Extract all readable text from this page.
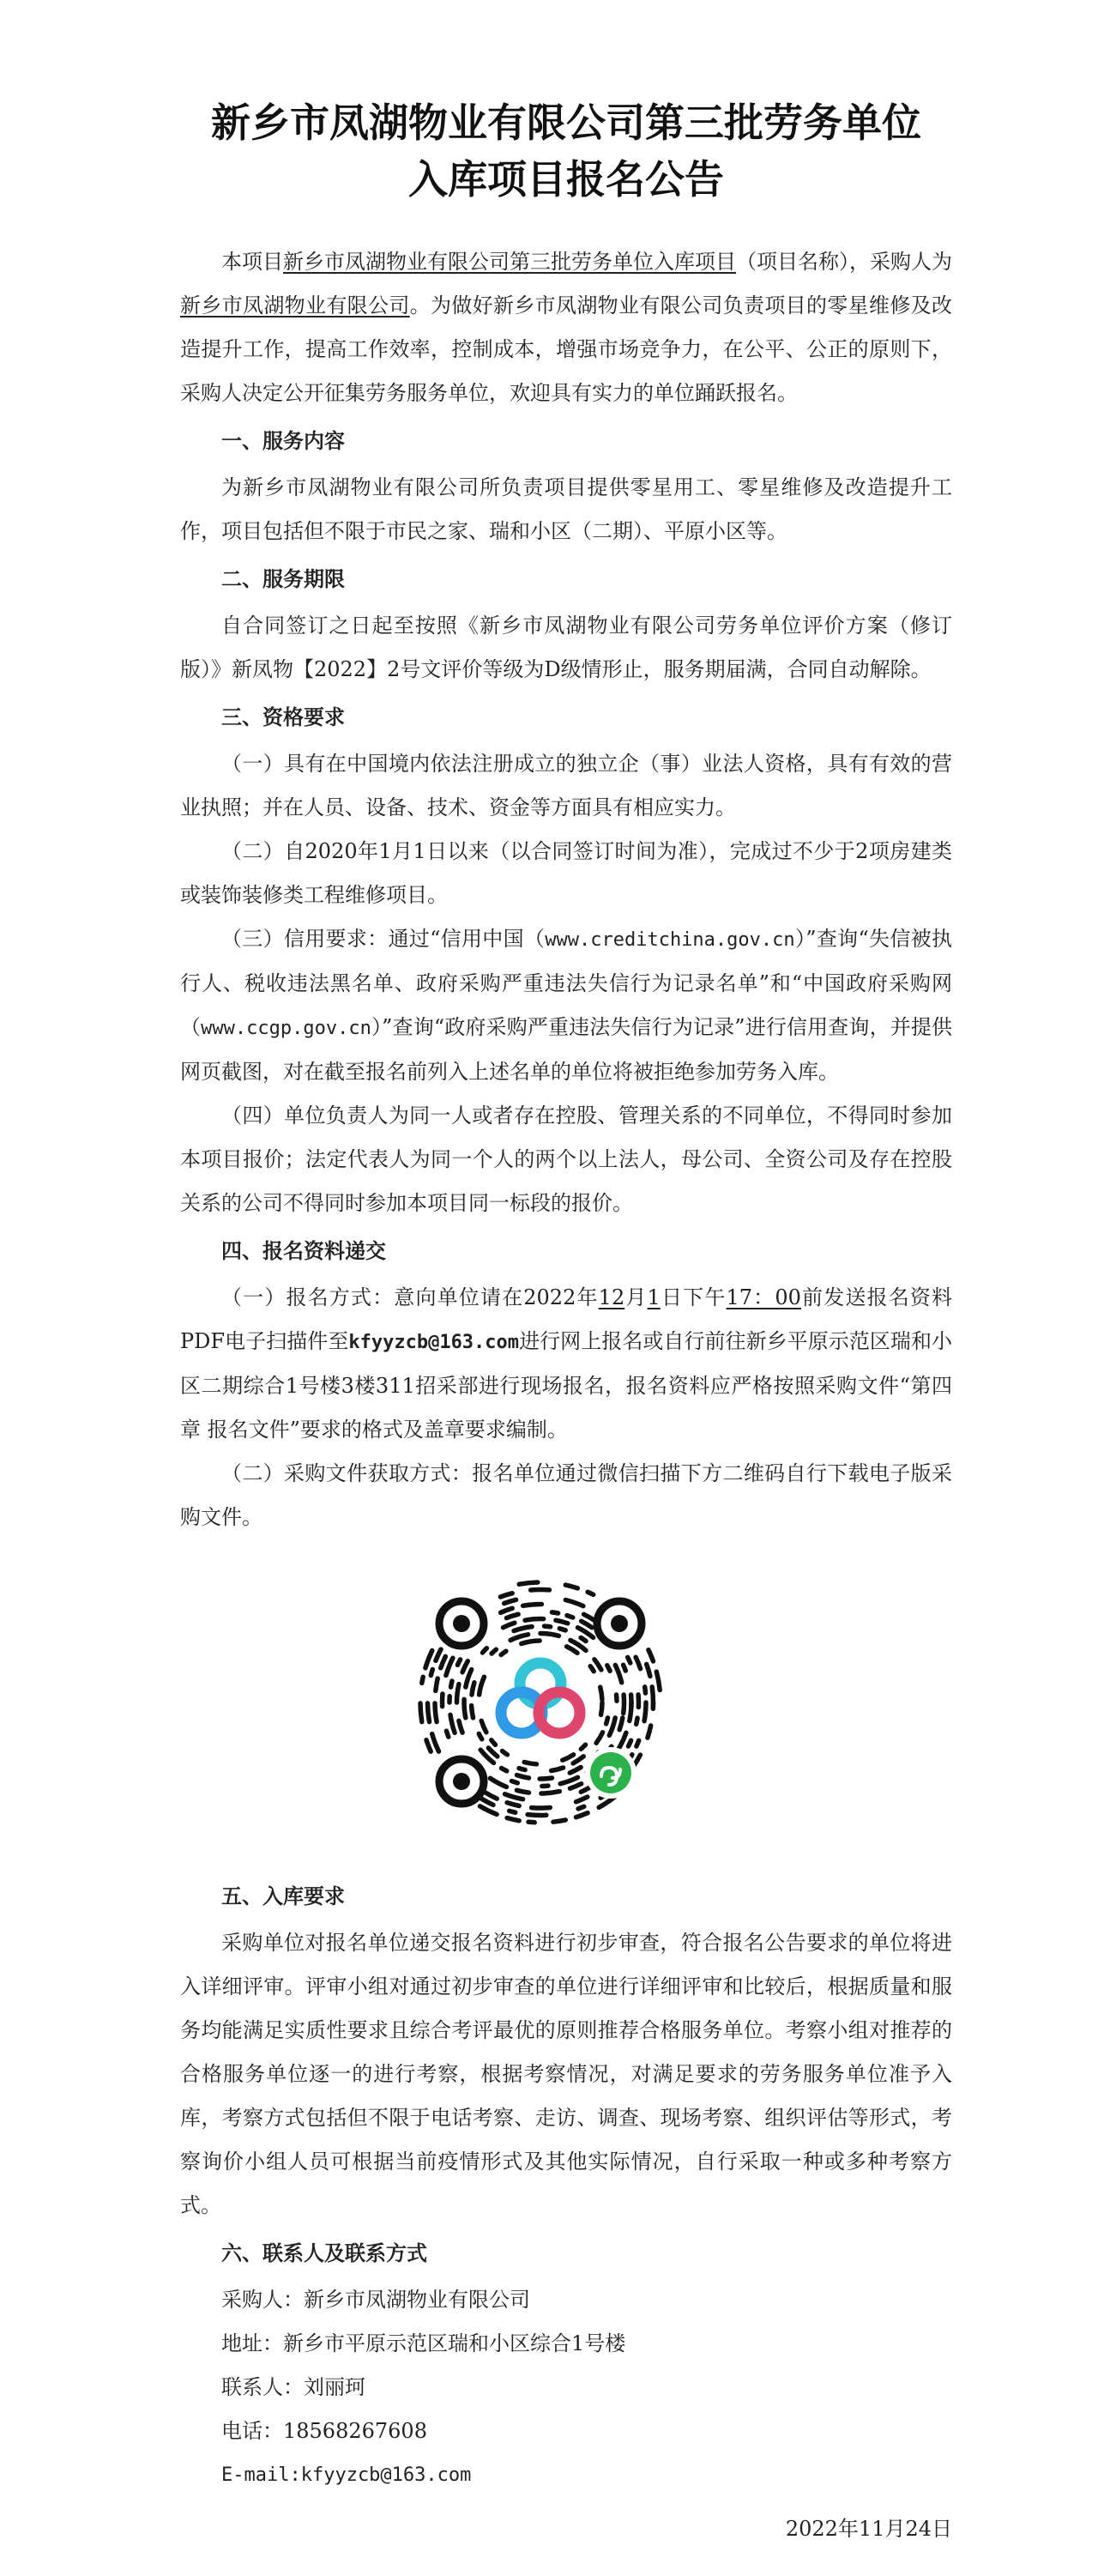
新乡市凤湖物业有限公司第三批劳务单位
入库项目报名公告

本项目新乡市凤湖物业有限公司第三批劳务单位入库项目（项目名称），采购人为新乡市凤湖物业有限公司。为做好新乡市凤湖物业有限公司负责项目的零星维修及改造提升工作，提高工作效率，控制成本，增强市场竞争力，在公平、公正的原则下，采购人决定公开征集劳务服务单位，欢迎具有实力的单位踊跃报名。

一、服务内容

为新乡市凤湖物业有限公司所负责项目提供零星用工、零星维修及改造提升工作，项目包括但不限于市民之家、瑞和小区（二期）、平原小区等。

二、服务期限

自合同签订之日起至按照《新乡市凤湖物业有限公司劳务单位评价方案（修订版）》新凤物【2022】2号文评价等级为D级情形止，服务期届满，合同自动解除。

三、资格要求

（一）具有在中国境内依法注册成立的独立企（事）业法人资格，具有有效的营业执照；并在人员、设备、技术、资金等方面具有相应实力。

（二）自2020年1月1日以来（以合同签订时间为准），完成过不少于2项房建类或装饰装修类工程维修项目。

（三）信用要求：通过“信用中国（www.creditchina.gov.cn）”查询“失信被执行人、税收违法黑名单、政府采购严重违法失信行为记录名单”和“中国政府采购网（www.ccgp.gov.cn）”查询“政府采购严重违法失信行为记录”进行信用查询，并提供网页截图，对在截至报名前列入上述名单的单位将被拒绝参加劳务入库。

（四）单位负责人为同一人或者存在控股、管理关系的不同单位，不得同时参加本项目报价；法定代表人为同一个人的两个以上法人，母公司、全资公司及存在控股关系的公司不得同时参加本项目同一标段的报价。

四、报名资料递交

（一）报名方式：意向单位请在2022年12月1日下午17：00前发送报名资料PDF电子扫描件至kfyyzcb@163.com进行网上报名或自行前往新乡平原示范区瑞和小区二期综合1号楼3楼311招采部进行现场报名，报名资料应严格按照采购文件“第四章 报名文件”要求的格式及盖章要求编制。

（二）采购文件获取方式：报名单位通过微信扫描下方二维码自行下载电子版采购文件。

五、入库要求

采购单位对报名单位递交报名资料进行初步审查，符合报名公告要求的单位将进入详细评审。评审小组对通过初步审查的单位进行详细评审和比较后，根据质量和服务均能满足实质性要求且综合考评最优的原则推荐合格服务单位。考察小组对推荐的合格服务单位逐一的进行考察，根据考察情况，对满足要求的劳务服务单位准予入库，考察方式包括但不限于电话考察、走访、调查、现场考察、组织评估等形式，考察询价小组人员可根据当前疫情形式及其他实际情况，自行采取一种或多种考察方式。

六、联系人及联系方式

采购人：新乡市凤湖物业有限公司

地址：新乡市平原示范区瑞和小区综合1号楼

联系人：刘丽珂

电话：18568267608

E-mail:kfyyzcb@163.com

2022年11月24日
